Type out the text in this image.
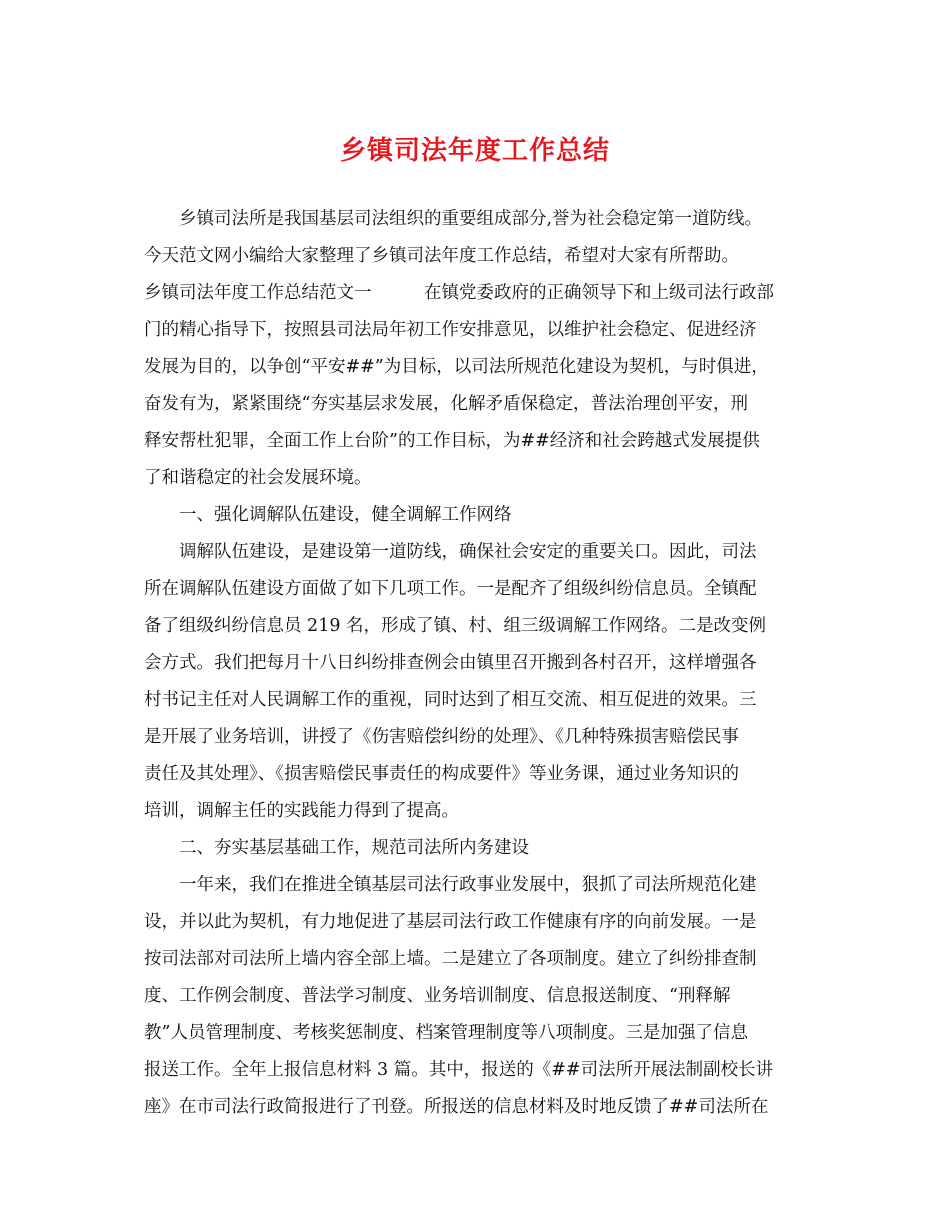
乡镇司法年度工作总结
　　乡镇司法所是我国基层司法组织的重要组成部分,誉为社会稳定第一道防线。
今天范文网小编给大家整理了乡镇司法年度工作总结，希望对大家有所帮助。
乡镇司法年度工作总结范文一　　　在镇党委政府的正确领导下和上级司法行政部
门的精心指导下，按照县司法局年初工作安排意见，以维护社会稳定、促进经济
发展为目的，以争创“平安##”为目标，以司法所规范化建设为契机，与时俱进，
奋发有为，紧紧围绕“夯实基层求发展，化解矛盾保稳定，普法治理创平安，刑
释安帮杜犯罪，全面工作上台阶”的工作目标，为##经济和社会跨越式发展提供
了和谐稳定的社会发展环境。
　　一、强化调解队伍建设，健全调解工作网络
　　调解队伍建设，是建设第一道防线，确保社会安定的重要关口。因此，司法
所在调解队伍建设方面做了如下几项工作。一是配齐了组级纠纷信息员。全镇配
备了组级纠纷信息员 219 名，形成了镇、村、组三级调解工作网络。二是改变例
会方式。我们把每月十八日纠纷排查例会由镇里召开搬到各村召开，这样增强各
村书记主任对人民调解工作的重视，同时达到了相互交流、相互促进的效果。三
是开展了业务培训，讲授了《伤害赔偿纠纷的处理》、《几种特殊损害赔偿民事
责任及其处理》、《损害赔偿民事责任的构成要件》等业务课，通过业务知识的
培训，调解主任的实践能力得到了提高。
　　二、夯实基层基础工作，规范司法所内务建设
　　一年来，我们在推进全镇基层司法行政事业发展中，狠抓了司法所规范化建
设，并以此为契机，有力地促进了基层司法行政工作健康有序的向前发展。一是
按司法部对司法所上墙内容全部上墙。二是建立了各项制度。建立了纠纷排查制
度、工作例会制度、普法学习制度、业务培训制度、信息报送制度、“刑释解
教”人员管理制度、考核奖惩制度、档案管理制度等八项制度。三是加强了信息
报送工作。全年上报信息材料 3 篇。其中，报送的《##司法所开展法制副校长讲
座》在市司法行政简报进行了刊登。所报送的信息材料及时地反馈了##司法所在
